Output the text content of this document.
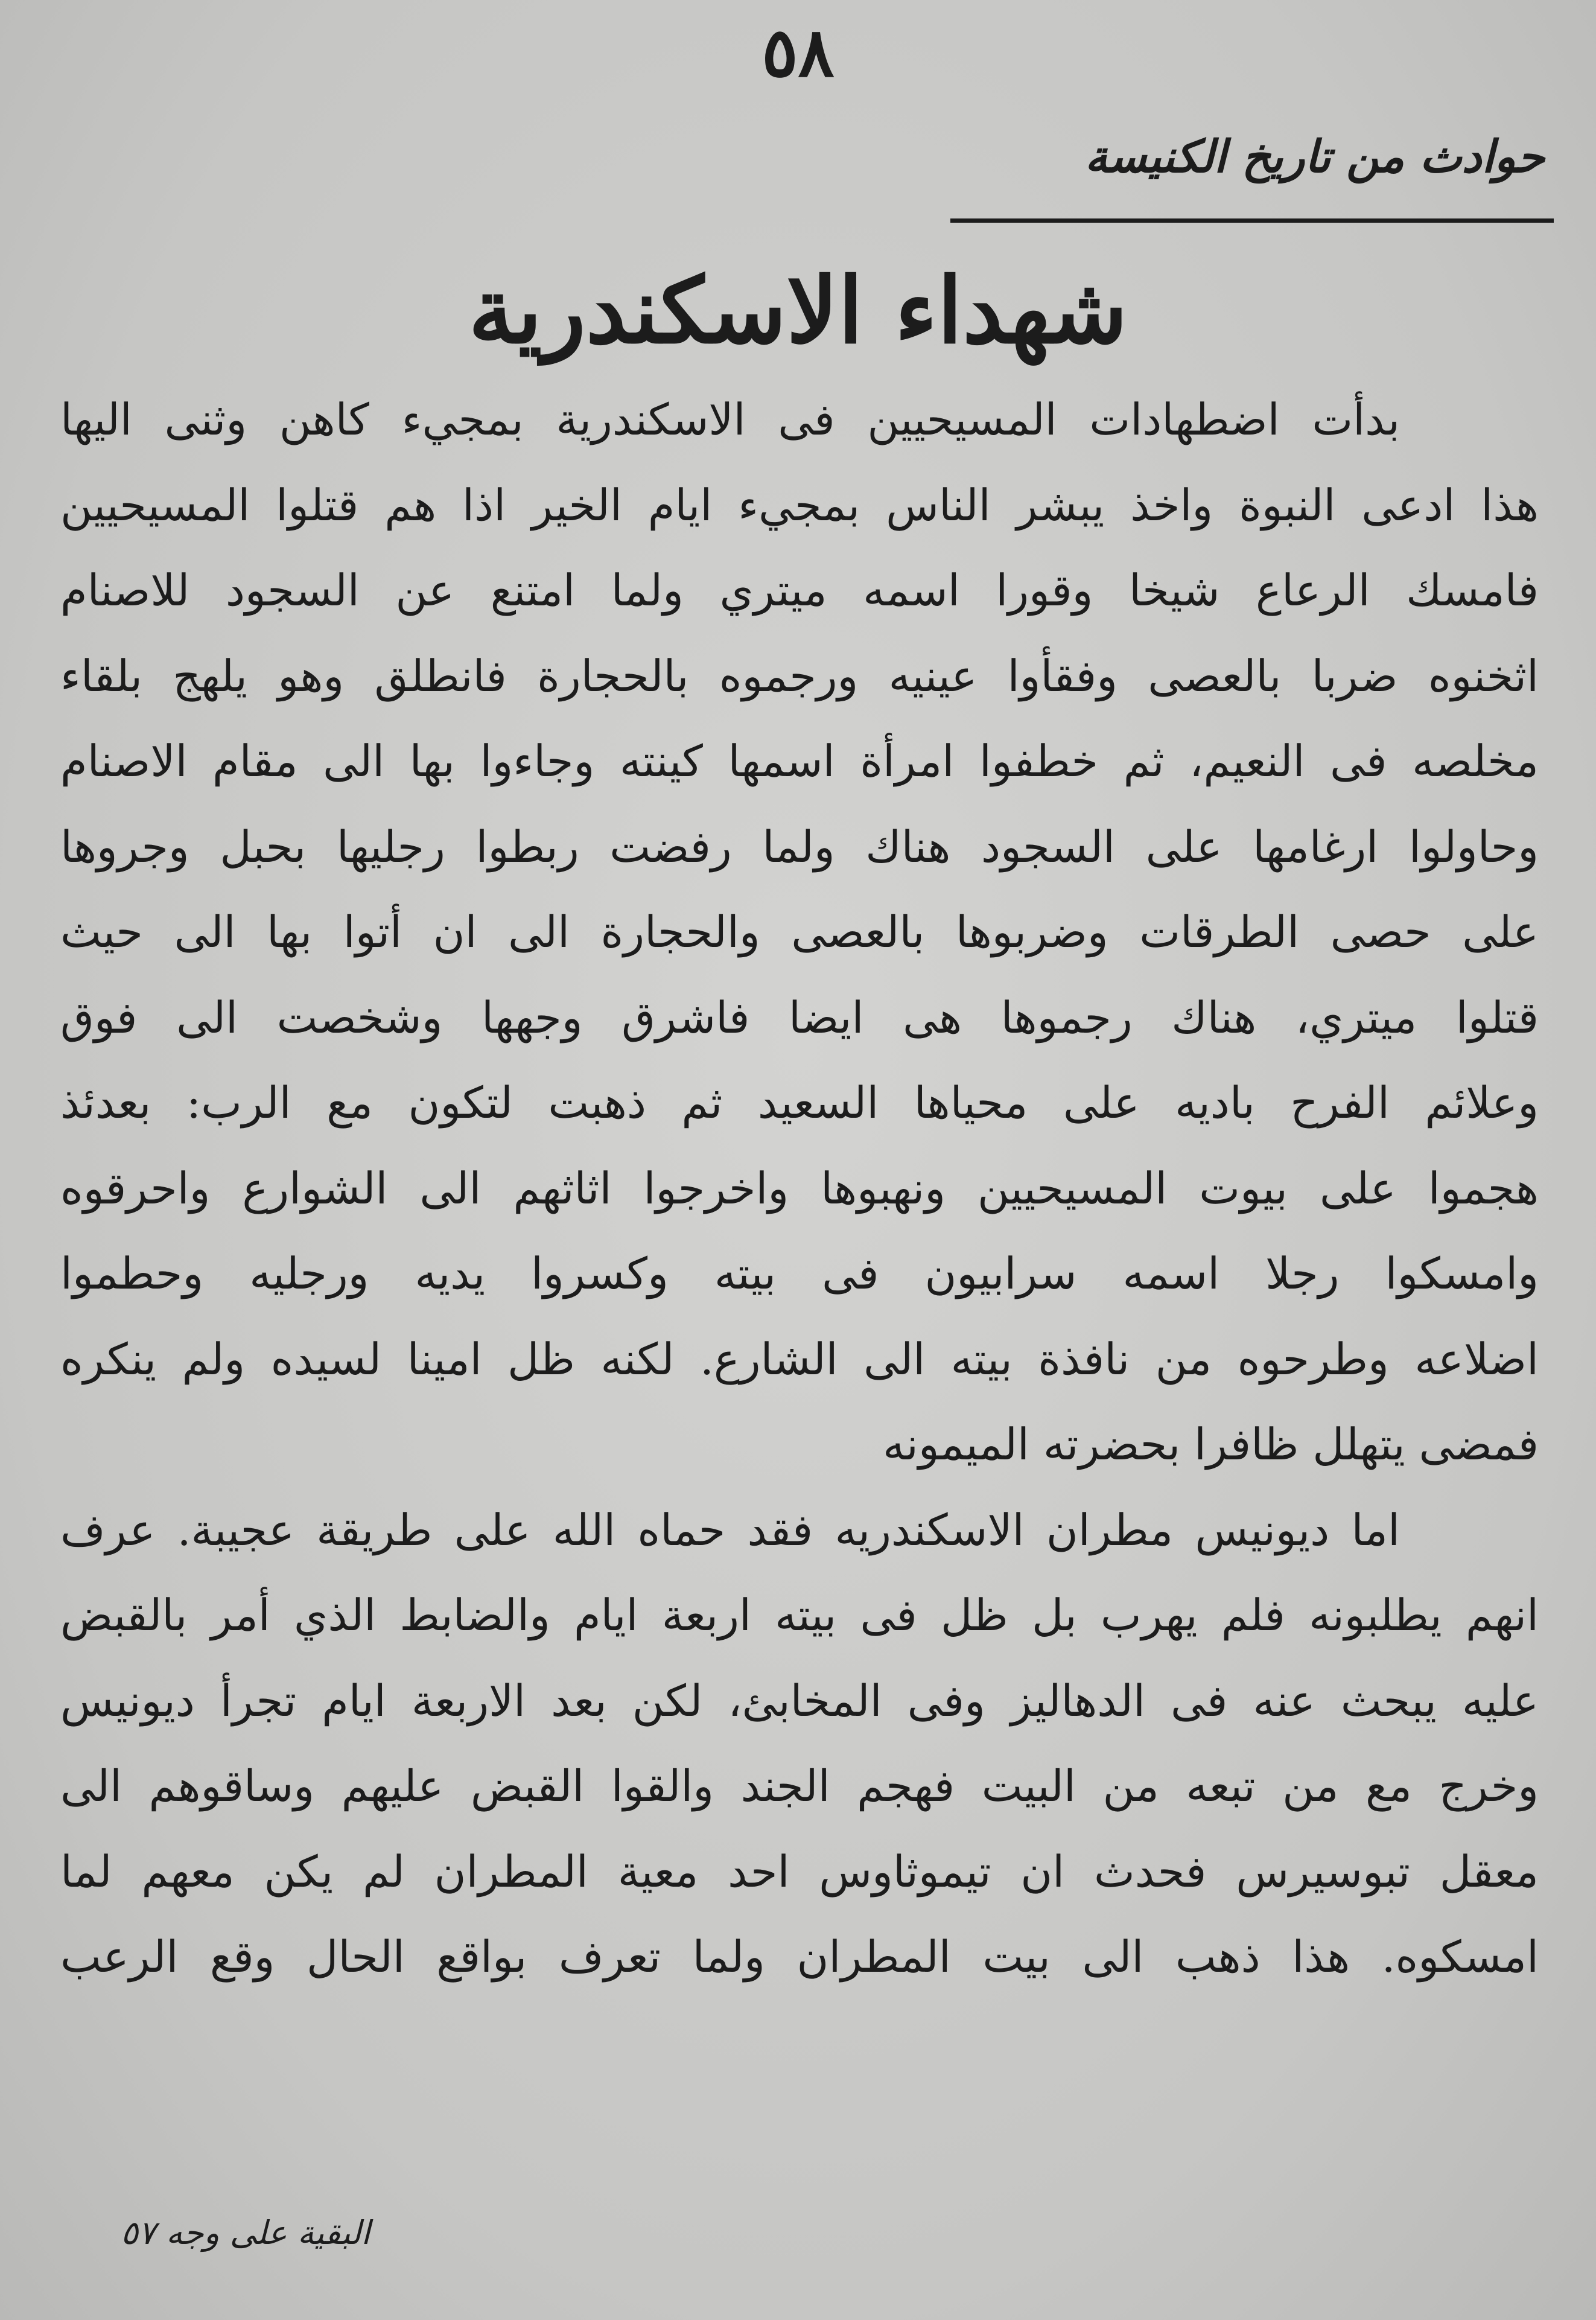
٥٨
حوادث من تاريخ الكنيسة
شهداء الاسكندرية
بدأت اضطهادات المسيحيين فى الاسكندرية بمجيء كاهن وثنى اليها
هذا ادعى النبوة واخذ يبشر الناس بمجيء ايام الخير اذا هم قتلوا المسيحيين
فامسك الرعاع شيخا وقورا اسمه ميتري ولما امتنع عن السجود للاصنام
اثخنوه ضربا بالعصى وفقأوا عينيه ورجموه بالحجارة فانطلق وهو يلهج بلقاء
مخلصه فى النعيم، ثم خطفوا امرأة اسمها كينته وجاءوا بها الى مقام الاصنام
وحاولوا ارغامها على السجود هناك ولما رفضت ربطوا رجليها بحبل وجروها
على حصى الطرقات وضربوها بالعصى والحجارة الى ان أتوا بها الى حيث
قتلوا ميتري، هناك رجموها هى ايضا فاشرق وجهها وشخصت الى فوق
وعلائم الفرح باديه على محياها السعيد ثم ذهبت لتكون مع الرب: بعدئذ
هجموا على بيوت المسيحيين ونهبوها واخرجوا اثاثهم الى الشوارع واحرقوه
وامسكوا رجلا اسمه سرابيون فى بيته وكسروا يديه ورجليه وحطموا
اضلاعه وطرحوه من نافذة بيته الى الشارع. لكنه ظل امينا لسيده ولم ينكره
فمضى يتهلل ظافرا بحضرته الميمونه
اما ديونيس مطران الاسكندريه فقد حماه الله على طريقة عجيبة. عرف
انهم يطلبونه فلم يهرب بل ظل فى بيته اربعة ايام والضابط الذي أمر بالقبض
عليه يبحث عنه فى الدهاليز وفى المخابئ، لكن بعد الاربعة ايام تجرأ ديونيس
وخرج مع من تبعه من البيت فهجم الجند والقوا القبض عليهم وساقوهم الى
معقل تبوسيرس فحدث ان تيموثاوس احد معية المطران لم يكن معهم لما
امسكوه. هذا ذهب الى بيت المطران ولما تعرف بواقع الحال وقع الرعب
البقية على وجه ٥٧
